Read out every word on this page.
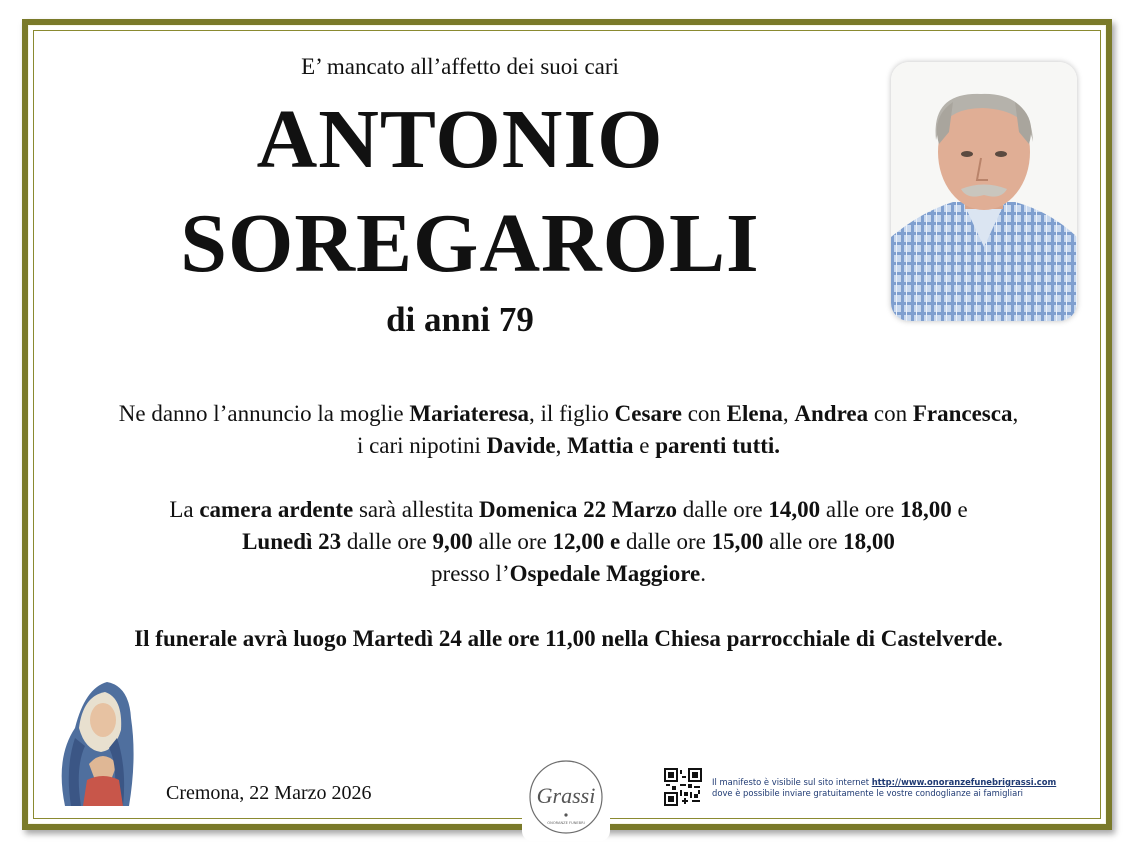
E’ mancato all’affetto dei suoi cari
ANTONIO
SOREGAROLI
di anni 79
Ne danno l’annuncio la moglie Mariateresa, il figlio Cesare con Elena, Andrea con Francesca,
i cari nipotini Davide, Mattia e parenti tutti.
La camera ardente sarà allestita Domenica 22 Marzo dalle ore 14,00 alle ore 18,00 e
Lunedì 23 dalle ore 9,00 alle ore 12,00 e dalle ore 15,00 alle ore 18,00
presso l’Ospedale Maggiore.
Il funerale avrà luogo Martedì 24 alle ore 11,00 nella Chiesa parrocchiale di Castelverde.
Cremona, 22 Marzo 2026	Grassi
ONORANZE FUNEBRI
Il manifesto è visibile sul sito internet http://www.onoranzefunebrigrassi.com
dove è possibile inviare gratuitamente le vostre condoglianze ai famigliari
